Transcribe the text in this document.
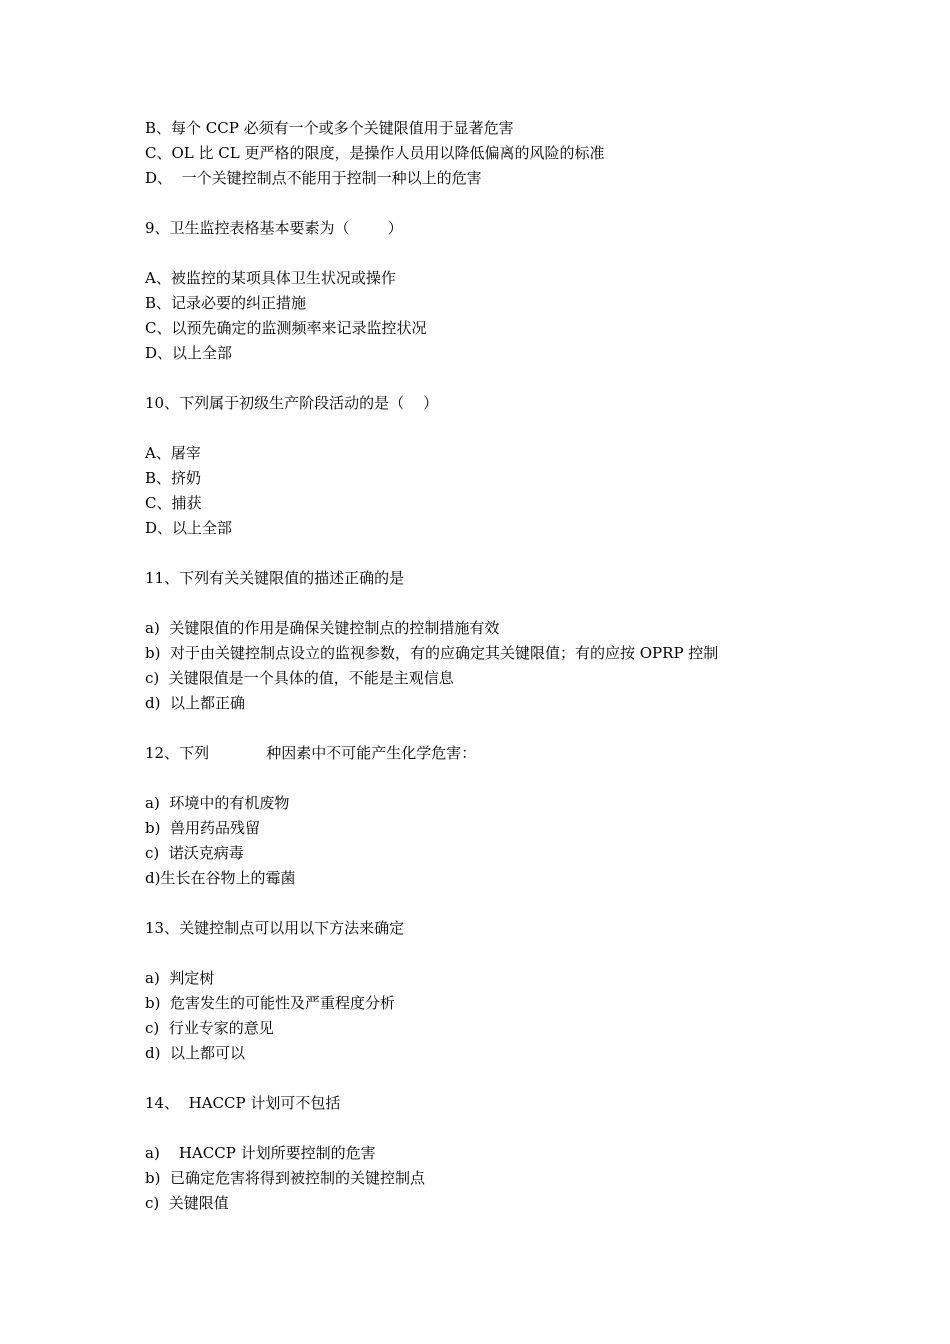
B、每个 CCP 必须有一个或多个关键限值用于显著危害
C、OL 比 CL 更严格的限度，是操作人员用以降低偏离的风险的标准
D、  一个关键控制点不能用于控制一种以上的危害
9、卫生监控表格基本要素为（        ）
A、被监控的某项具体卫生状况或操作
B、记录必要的纠正措施
C、以预先确定的监测频率来记录监控状况
D、以上全部
10、下列属于初级生产阶段活动的是（    ）
A、屠宰
B、挤奶
C、捕获
D、以上全部
11、下列有关关键限值的描述正确的是
a)  关键限值的作用是确保关键控制点的控制措施有效
b)  对于由关键控制点设立的监视参数，有的应确定其关键限值；有的应按 OPRP 控制
c)  关键限值是一个具体的值，不能是主观信息
d)  以上都正确
12、下列            种因素中不可能产生化学危害：
a)  环境中的有机废物
b)  兽用药品残留
c)  诺沃克病毒
d)生长在谷物上的霉菌
13、关键控制点可以用以下方法来确定
a)  判定树
b)  危害发生的可能性及严重程度分析
c)  行业专家的意见
d)  以上都可以
14、  HACCP 计划可不包括
a)    HACCP 计划所要控制的危害
b)  已确定危害将得到被控制的关键控制点
c)  关键限值
